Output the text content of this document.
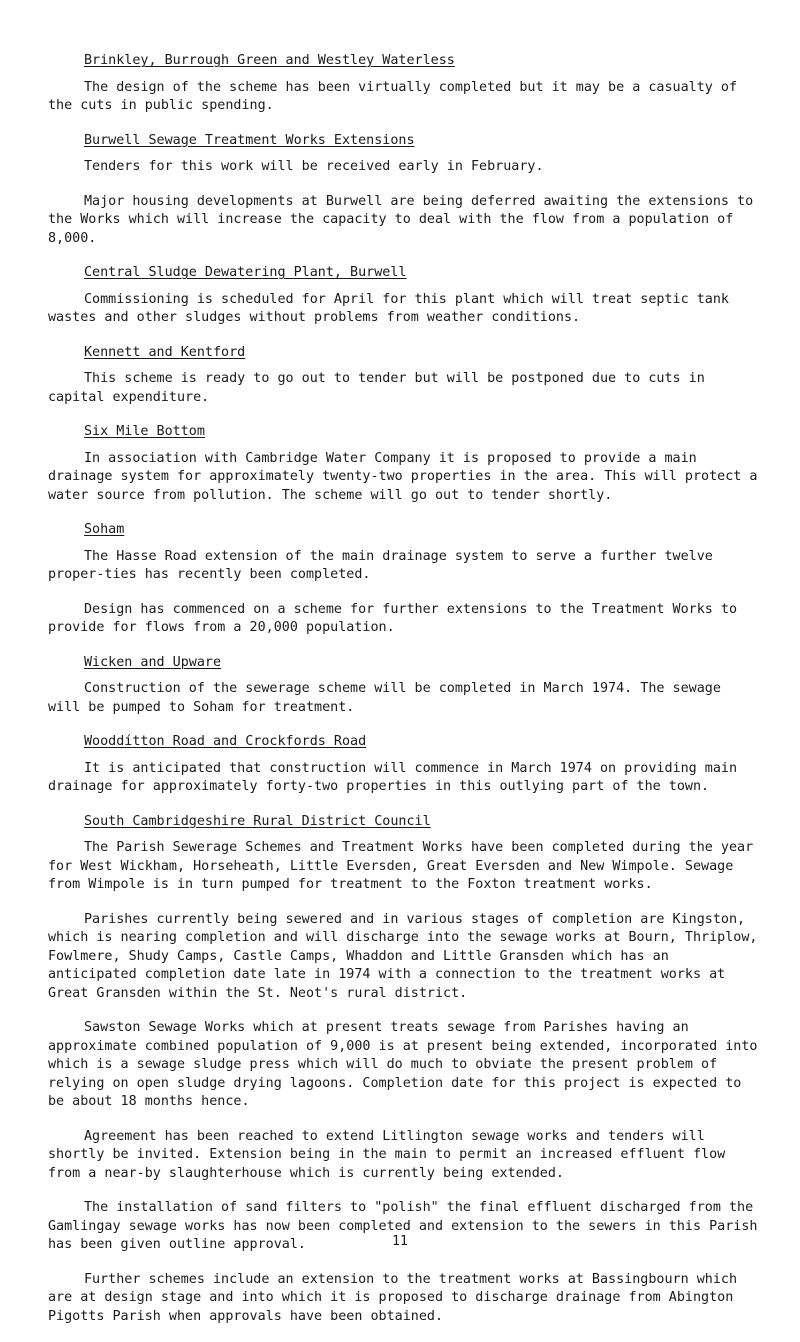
Brinkley, Burrough Green and Westley Waterless

The design of the scheme has been virtually completed but it may be a casualty of the cuts in public spending.

Burwell Sewage Treatment Works Extensions

Tenders for this work will be received early in February.

Major housing developments at Burwell are being deferred awaiting the extensions to the Works which will increase the capacity to deal with the flow from a population of 8,000.

Central Sludge Dewatering Plant, Burwell

Commissioning is scheduled for April for this plant which will treat septic tank wastes and other sludges without problems from weather conditions.

Kennett and Kentford

This scheme is ready to go out to tender but will be postponed due to cuts in capital expenditure.

Six Mile Bottom

In association with Cambridge Water Company it is proposed to provide a main drainage system for approximately twenty-two properties in the area. This will protect a water source from pollution. The scheme will go out to tender shortly.

Soham

The Hasse Road extension of the main drainage system to serve a further twelve proper-ties has recently been completed.

Design has commenced on a scheme for further extensions to the Treatment Works to provide for flows from a 20,000 population.

Wicken and Upware

Construction of the sewerage scheme will be completed in March 1974. The sewage will be pumped to Soham for treatment.

Wooddítton Road and Crockfords Road

It is anticipated that construction will commence in March 1974 on providing main drainage for approximately forty-two properties in this outlying part of the town.

South Cambridgeshire Rural District Council

The Parish Sewerage Schemes and Treatment Works have been completed during the year for West Wickham, Horseheath, Little Eversden, Great Eversden and New Wimpole. Sewage from Wimpole is in turn pumped for treatment to the Foxton treatment works.

Parishes currently being sewered and in various stages of completion are Kingston, which is nearing completion and will discharge into the sewage works at Bourn, Thriplow, Fowlmere, Shudy Camps, Castle Camps, Whaddon and Little Gransden which has an anticipated completion date late in 1974 with a connection to the treatment works at Great Gransden within the St. Neot's rural district.

Sawston Sewage Works which at present treats sewage from Parishes having an approximate combined population of 9,000 is at present being extended, incorporated into which is a sewage sludge press which will do much to obviate the present problem of relying on open sludge drying lagoons. Completion date for this project is expected to be about 18 months hence.

Agreement has been reached to extend Litlington sewage works and tenders will shortly be invited. Extension being in the main to permit an increased effluent flow from a near-by slaughterhouse which is currently being extended.

The installation of sand filters to "polish" the final effluent discharged from the Gamlingay sewage works has now been completed and extension to the sewers in this Parish has been given outline approval.

Further schemes include an extension to the treatment works at Bassingbourn which are at design stage and into which it is proposed to discharge drainage from Abington Pigotts Parish when approvals have been obtained.

11
